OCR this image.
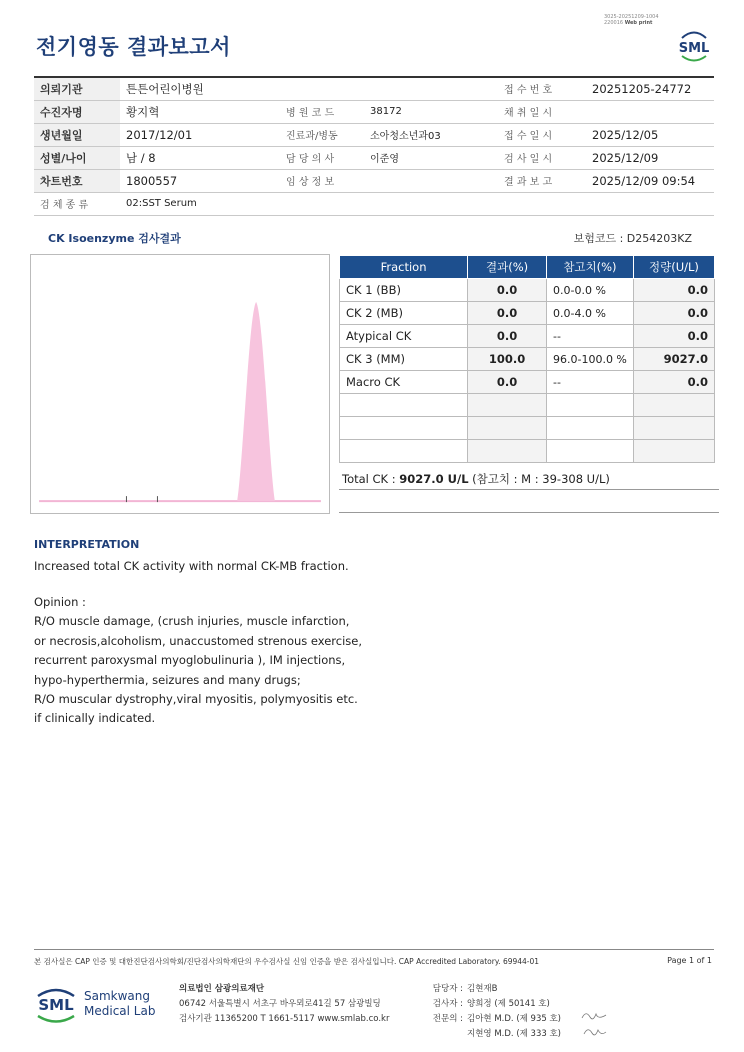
3025-20251209-1004
220016 Web print
전기영동 결과보고서	SML
의뢰기관	튼튼어린이병원			접 수 번 호	20251205-24772
수진자명	황지혁	병 원 코 드	38172	채 취 일 시	
생년월일	2017/12/01	진료과/병동	소아청소년과03	접 수 일 시	2025/12/05
성별/나이	남 / 8	담 당 의 사	이준영	검 사 일 시	2025/12/09
차트번호	1800557	임 상 정 보		결 과 보 고	2025/12/09 09:54
검 체 종 류	02:SST Serum				
CK Isoenzyme 검사결과	보험코드 : D254203KZ
Fraction	결과(%)	참고치(%)	정량(U/L)
CK 1 (BB)	0.0	0.0-0.0 %	0.0
CK 2 (MB)	0.0	0.0-4.0 %	0.0
Atypical CK	0.0	--	0.0
CK 3 (MM)	100.0	96.0-100.0 %	9027.0
Macro CK	0.0	--	0.0

Total CK : 9027.0 U/L (참고치 : M : 39-308 U/L)
INTERPRETATION
Increased total CK activity with normal CK-MB fraction.
Opinion :
R/O muscle damage, (crush injuries, muscle infarction,
or necrosis,alcoholism, unaccustomed strenous exercise,
recurrent paroxysmal myoglobulinuria ), IM injections,
hypo-hyperthermia, seizures and many drugs;
R/O muscular dystrophy,viral myositis, polymyositis etc.
if clinically indicated.
본 검사실은 CAP 인증 및 대한진단검사의학회/진단검사의학재단의 우수검사실 신임 인증을 받은 검사실입니다. CAP Accredited Laboratory. 69944-01	Page 1 of 1
SML Samkwang
Medical Lab
의료법인 삼광의료재단
06742 서울특별시 서초구 바우뫼로41길 57 삼광빌딩
검사기관 11365200 T 1661-5117 www.smlab.co.kr
담당자 : 김현재B
검사자 : 양희정 (제 50141 호)
전문의 : 김아현 M.D. (제 935 호)
지현영 M.D. (제 333 호)
